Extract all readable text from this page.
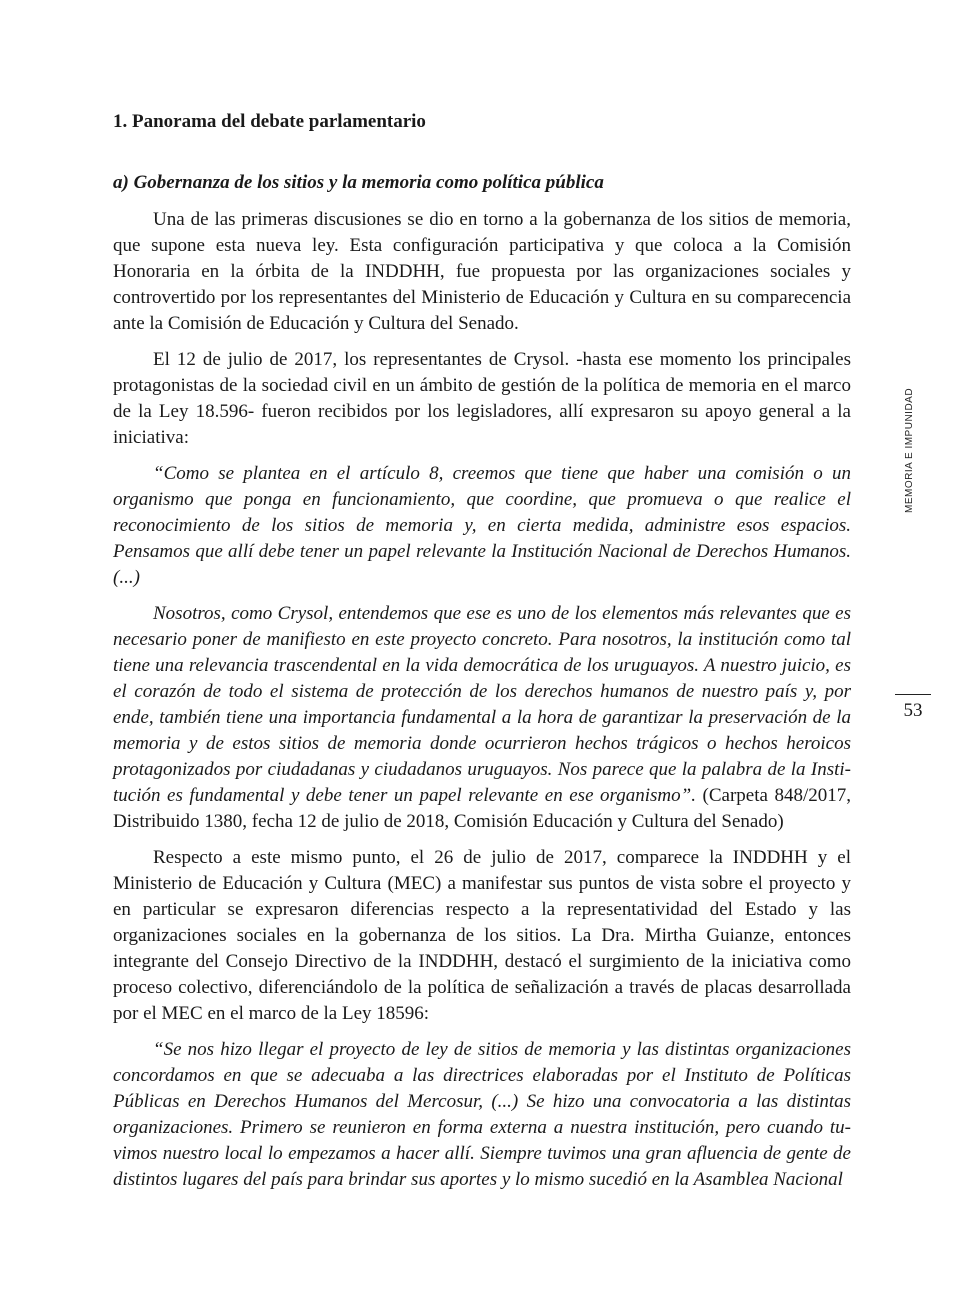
1. Panorama del debate parlamentario
a) Gobernanza de los sitios y la memoria como política pública

Una de las primeras discusiones se dio en torno a la gobernanza de los sitios de memoria, que supone esta nueva ley. Esta configuración participativa y que coloca a la Comisión Honoraria en la órbita de la INDDHH, fue propuesta por las organizaciones sociales y controvertido por los representantes del Ministerio de Educación y Cultura en su comparecencia ante la Comisión de Educación y Cultura del Senado.

El 12 de julio de 2017, los representantes de Crysol. -hasta ese momento los principales protagonistas de la sociedad civil en un ámbito de gestión de la política de memoria en el marco de la Ley 18.596- fueron recibidos por los legisladores, allí expresaron su apoyo general a la iniciativa:

“Como se plantea en el artículo 8, creemos que tiene que haber una comisión o un organismo que ponga en funcionamiento, que coordine, que promueva o que realice el reconocimiento de los sitios de memoria y, en cierta medida, administre esos espacios. Pensamos que allí debe tener un papel relevante la Institución Nacional de Derechos Humanos. (...)

Nosotros, como Crysol, entendemos que ese es uno de los elementos más relevantes que es necesario poner de manifiesto en este proyecto concreto. Para nosotros, la institución como tal tiene una relevancia trascendental en la vida democrática de los uruguayos. A nuestro juicio, es el corazón de todo el sistema de protección de los derechos humanos de nuestro país y, por ende, también tiene una importancia fundamental a la hora de garantizar la preservación de la memoria y de estos sitios de memoria donde ocurrieron hechos trágicos o hechos heroicos protagonizados por ciudadanas y ciudadanos uruguayos. Nos parece que la palabra de la Institución es fundamental y debe tener un papel relevante en ese organismo”. (Carpeta 848/2017, Distribuido 1380, fecha 12 de julio de 2018, Comisión Educación y Cultura del Senado)

Respecto a este mismo punto, el 26 de julio de 2017, comparece la INDDHH y el Ministerio de Educación y Cultura (MEC) a manifestar sus puntos de vista sobre el proyecto y en particular se expresaron diferencias respecto a la representatividad del Estado y las organizaciones sociales en la gobernanza de los sitios. La Dra. Mirtha Guianze, entonces integrante del Consejo Directivo de la INDDHH, destacó el surgimiento de la iniciativa como proceso colectivo, diferenciándolo de la política de señalización a través de placas desarrollada por el MEC en el marco de la Ley 18596:

“Se nos hizo llegar el proyecto de ley de sitios de memoria y las distintas organizaciones concordamos en que se adecuaba a las directrices elaboradas por el Instituto de Políticas Públicas en Derechos Humanos del Mercosur, (...) Se hizo una convocatoria a las distintas organizaciones. Primero se reunieron en forma externa a nuestra institución, pero cuando tuvimos nuestro local lo empezamos a hacer allí. Siempre tuvimos una gran afluencia de gente de distintos lugares del país para brindar sus aportes y lo mismo sucedió en la Asamblea Nacional

MEMORIA E IMPUNIDAD
53
